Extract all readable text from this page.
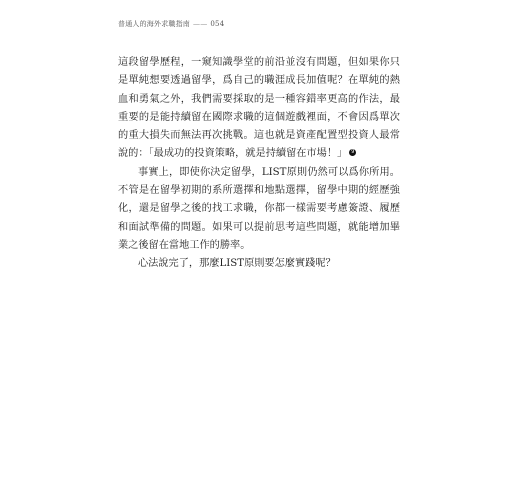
普通人的海外求職指南 —— 054

這段留學歷程，一窺知識學堂的前沿並沒有問題，但如果你只是單純想要透過留學，爲自己的職涯成長加值呢？在單純的熱血和勇氣之外，我們需要採取的是一種容錯率更高的作法，最重要的是能持續留在國際求職的這個遊戲裡面，不會因爲單次的重大損失而無法再次挑戰。這也就是資產配置型投資人最常說的：「最成功的投資策略，就是持續留在市場！」 9

事實上，即使你決定留學，LIST原則仍然可以爲你所用。不管是在留學初期的系所選擇和地點選擇，留學中期的經歷強化，還是留學之後的找工求職，你都一樣需要考慮簽證、履歷和面試準備的問題。如果可以提前思考這些問題，就能增加畢業之後留在當地工作的勝率。

心法說完了，那麼LIST原則要怎麼實踐呢？
